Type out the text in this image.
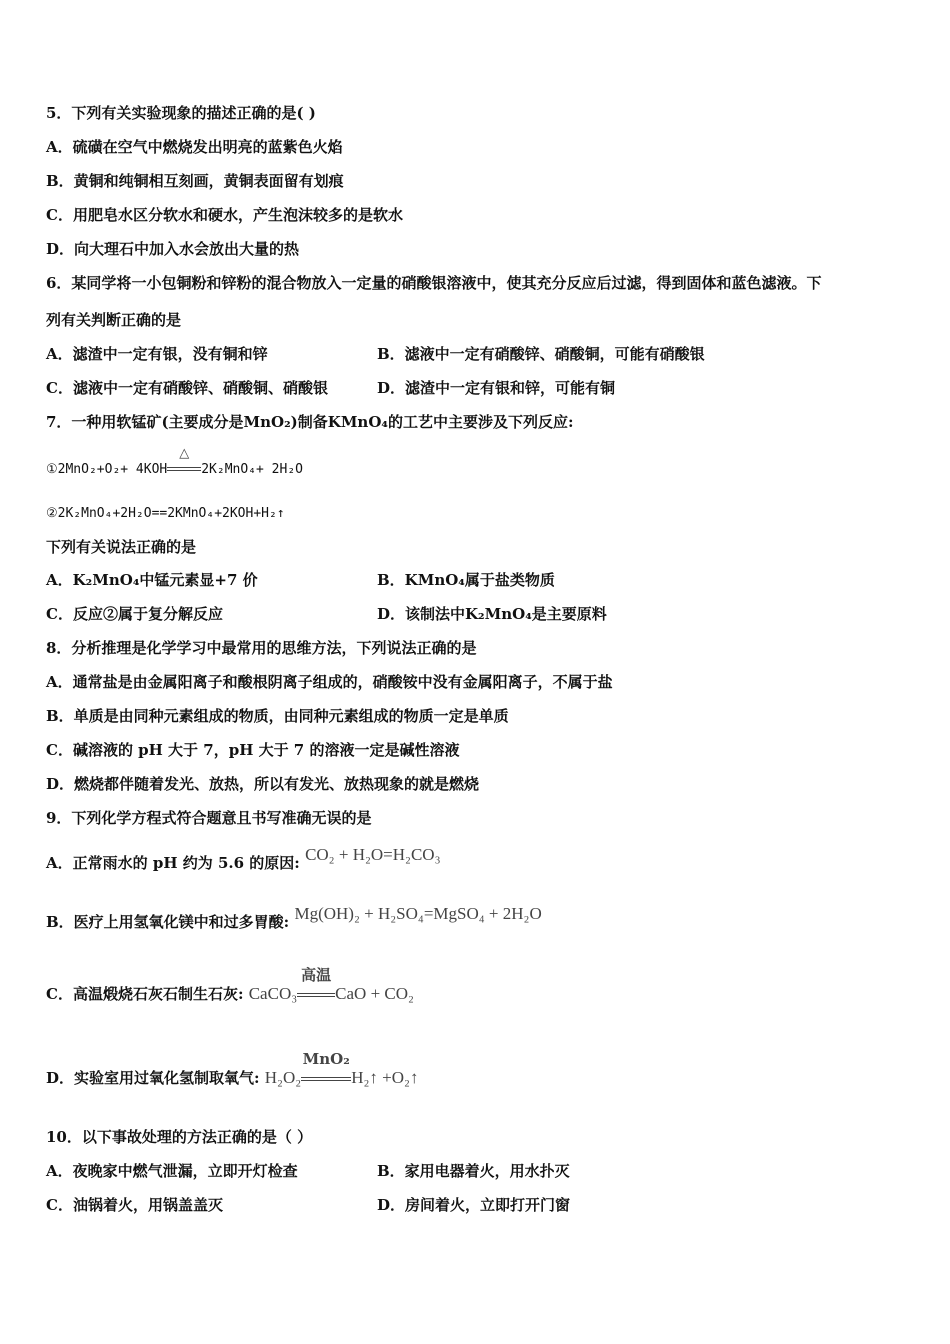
5．下列有关实验现象的描述正确的是( )
A．硫磺在空气中燃烧发出明亮的蓝紫色火焰
B．黄铜和纯铜相互刻画，黄铜表面留有划痕
C．用肥皂水区分软水和硬水，产生泡沫较多的是软水
D．向大理石中加入水会放出大量的热
6．某同学将一小包铜粉和锌粉的混合物放入一定量的硝酸银溶液中，使其充分反应后过滤，得到固体和蓝色滤液。下
列有关判断正确的是
A．滤渣中一定有银，没有铜和锌	B．滤液中一定有硝酸锌、硝酸铜，可能有硝酸银
C．滤液中一定有硝酸锌、硝酸铜、硝酸银	D．滤渣中一定有银和锌，可能有铜
7．一种用软锰矿(主要成分是MnO₂)制备KMnO₄的工艺中主要涉及下列反应:
①2MnO₂+O₂+ 4KOH
△
2K₂MnO₄+ 2H₂O
②2K₂MnO₄+2H₂O==2KMnO₄+2KOH+H₂↑
下列有关说法正确的是
A．K₂MnO₄中锰元素显+7 价	B．KMnO₄属于盐类物质
C．反应②属于复分解反应	D．该制法中K₂MnO₄是主要原料
8．分析推理是化学学习中最常用的思维方法，下列说法正确的是
A．通常盐是由金属阳离子和酸根阴离子组成的，硝酸铵中没有金属阳离子，不属于盐
B．单质是由同种元素组成的物质，由同种元素组成的物质一定是单质
C．碱溶液的 pH 大于 7，pH 大于 7 的溶液一定是碱性溶液
D．燃烧都伴随着发光、放热，所以有发光、放热现象的就是燃烧
9．下列化学方程式符合题意且书写准确无误的是
A．正常雨水的 pH 约为 5.6 的原因: CO₂ + H₂O=H₂CO₃
B．医疗上用氢氧化镁中和过多胃酸: Mg(OH)₂ + H₂SO₄=MgSO₄ + 2H₂O
C．高温煅烧石灰石制生石灰: CaCO₃
高温
CaO + CO₂
D．实验室用过氧化氢制取氧气: H₂O₂
MnO₂
H₂↑ +O₂↑
10．以下事故处理的方法正确的是（ ）
A．夜晚家中燃气泄漏，立即开灯检查	B．家用电器着火，用水扑灭
C．油锅着火，用锅盖盖灭	D．房间着火，立即打开门窗
